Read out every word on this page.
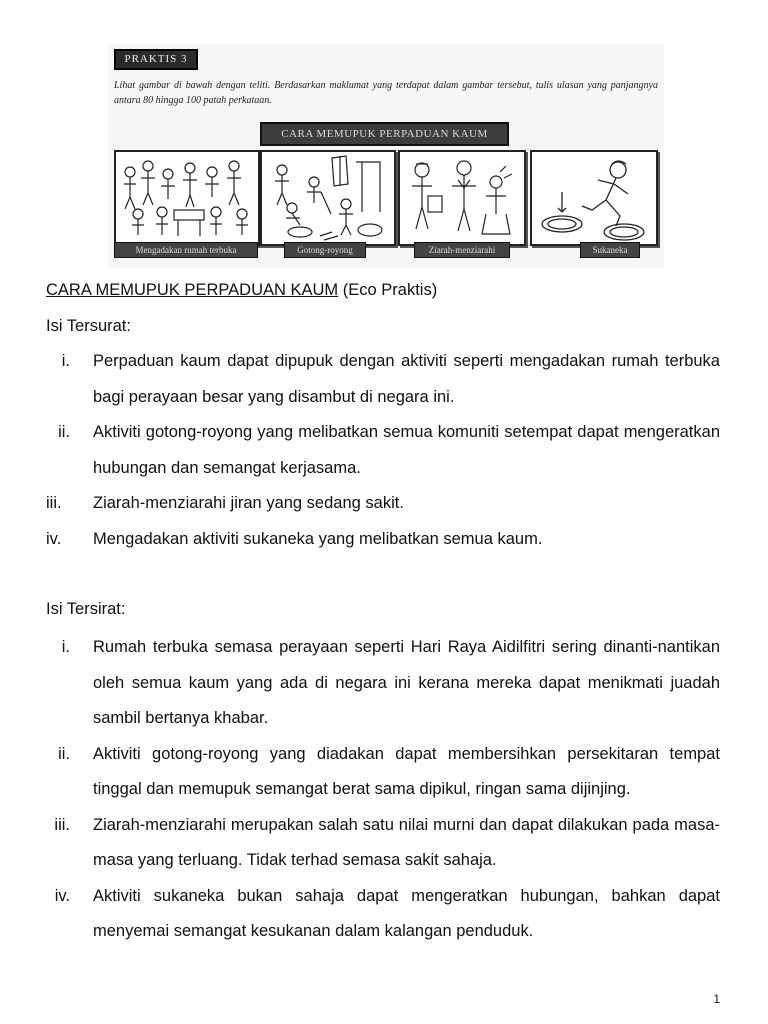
PRAKTIS 3
Lihat gambar di bawah dengan teliti. Berdasarkan maklumat yang terdapat dalam gambar tersebut, tulis ulasan yang panjangnya antara 80 hingga 100 patah perkataan.
CARA MEMUPUK PERPADUAN KAUM
Mengadakan rumah terbuka	Gotong-royong	Ziarah-menziarahi	Sukaneka
CARA MEMUPUK PERPADUAN KAUM (Eco Praktis)
Isi Tersurat:
i. Perpaduan kaum dapat dipupuk dengan aktiviti seperti mengadakan rumah terbuka bagi perayaan besar yang disambut di negara ini.
ii. Aktiviti gotong-royong yang melibatkan semua komuniti setempat dapat mengeratkan hubungan dan semangat kerjasama.
iii.	Ziarah-menziarahi jiran yang sedang sakit.
iv.	Mengadakan aktiviti sukaneka yang melibatkan semua kaum.
Isi Tersirat:
i. Rumah terbuka semasa perayaan seperti Hari Raya Aidilfitri sering dinanti-nantikan oleh semua kaum yang ada di negara ini kerana mereka dapat menikmati juadah sambil bertanya khabar.
ii. Aktiviti gotong-royong yang diadakan dapat membersihkan persekitaran tempat tinggal dan memupuk semangat berat sama dipikul, ringan sama dijinjing.
iii. Ziarah-menziarahi merupakan salah satu nilai murni dan dapat dilakukan pada masa-masa yang terluang. Tidak terhad semasa sakit sahaja.
iv. Aktiviti sukaneka bukan sahaja dapat mengeratkan hubungan, bahkan dapat menyemai semangat kesukanan dalam kalangan penduduk.
1
